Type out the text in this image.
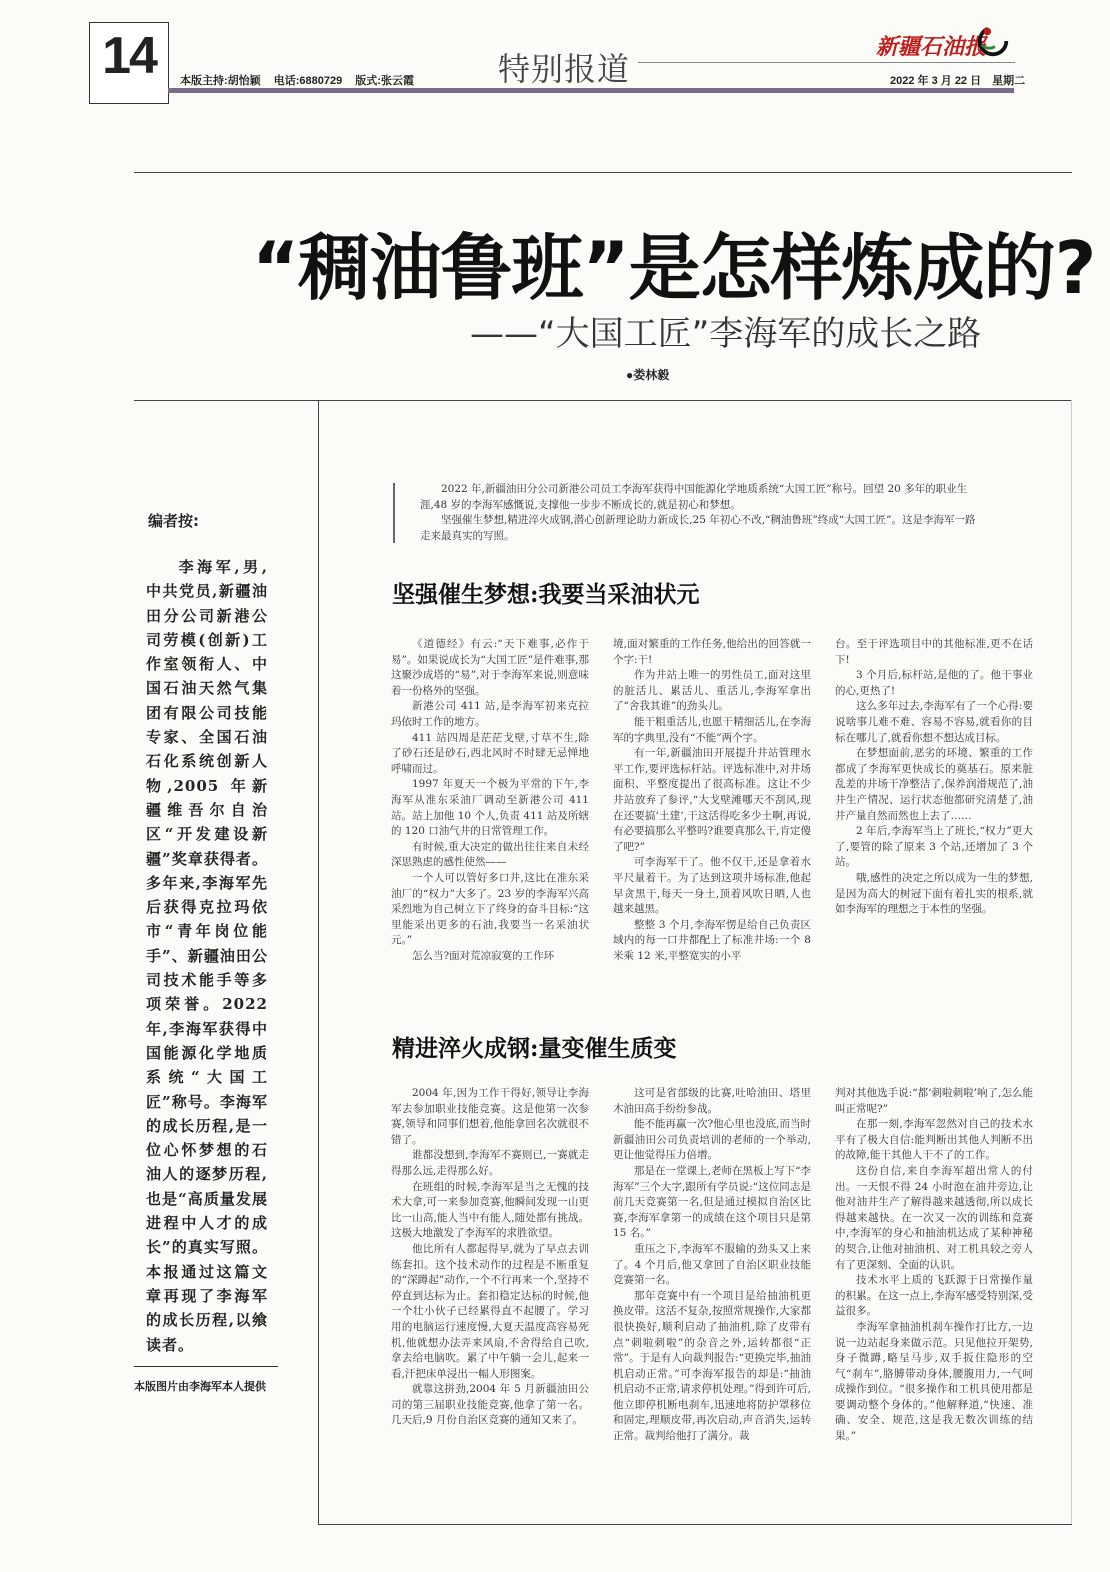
14	本版主持:胡怡颖 电话:6880729 版式:张云霞	特别报道
新疆石油报
2022 年 3 月 22 日　星期二
“稠油鲁班”是怎样炼成的?
——“大国工匠”李海军的成长之路
●娄林毅
编者按:
李海军,男,中共党员,新疆油田分公司新港公司劳模(创新)工作室领衔人、中国石油天然气集团有限公司技能专家、全国石油石化系统创新人物,2005 年新疆维吾尔自治区“开发建设新疆”奖章获得者。多年来,李海军先后获得克拉玛依市“青年岗位能手”、新疆油田公司技术能手等多项荣誉。2022 年,李海军获得中国能源化学地质系统“大国工匠”称号。李海军的成长历程,是一位心怀梦想的石油人的逐梦历程,也是“高质量发展进程中人才的成长”的真实写照。本报通过这篇文章再现了李海军的成长历程,以飨读者。
本版图片由李海军本人提供

2022 年,新疆油田分公司新港公司员工李海军获得中国能源化学地质系统“大国工匠”称号。回望 20 多年的职业生涯,48 岁的李海军感慨说,支撑他一步步不断成长的,就是初心和梦想。

坚强催生梦想,精进淬火成钢,潜心创新理论助力新成长,25 年初心不改,“稠油鲁班”终成“大国工匠”。这是李海军一路走来最真实的写照。

坚强催生梦想:我要当采油状元

《道德经》有云:“天下难事,必作于易”。如果说成长为“大国工匠”是件难事,那这聚沙成塔的“易”,对于李海军来说,则意味着一份格外的坚强。

新港公司 411 站,是李海军初来克拉玛依时工作的地方。

411 站四周是茫茫戈壁,寸草不生,除了砂石还是砂石,西北风时不时肆无忌惮地呼啸而过。

1997 年夏天一个极为平常的下午,李海军从准东采油厂调动至新港公司 411 站。站上加他 10 个人,负责 411 站及所辖的 120 口油气井的日常管理工作。

有时候,重大决定的做出往往来自未经深思熟虑的感性使然——

一个人可以管好多口井,这比在准东采油厂的“权力”大多了。23 岁的李海军兴高采烈地为自己树立下了终身的奋斗目标:“这里能采出更多的石油,我要当一名采油状元。”

怎么当?面对荒凉寂寞的工作环

境,面对繁重的工作任务,他给出的回答就一个字:干!

作为井站上唯一的男性员工,面对这里的脏活儿、累活儿、重活儿,李海军拿出了“舍我其谁”的劲头儿。

能干粗重活儿,也愿干精细活儿,在李海军的字典里,没有“不能”两个字。

有一年,新疆油田开展提升井站管理水平工作,要评选标杆站。评选标准中,对井场面积、平整度提出了很高标准。这让不少井站放弃了参评,“大戈壁滩哪天不刮风,现在还要搞‘土建’,干这活得吃多少土啊,再说,有必要搞那么平整吗?谁要真那么干,肯定傻了吧?”

可李海军干了。他不仅干,还是拿着水平尺量着干。为了达到这项井场标准,他起早贪黑干,每天一身土,顶着风吹日晒,人也越来越黑。

整整 3 个月,李海军愣是给自己负责区域内的每一口井都配上了标准井场:一个 8 米乘 12 米,平整宽实的小平

台。至于评选项目中的其他标准,更不在话下!

3 个月后,标杆站,是他的了。他干事业的心,更热了!

这么多年过去,李海军有了一个心得:要说啥事儿难不难、容易不容易,就看你的目标在哪儿了,就看你想不想达成目标。

在梦想面前,恶劣的环境、繁重的工作都成了李海军更快成长的奠基石。原来脏乱差的井场干净整洁了,保养润滑规范了,油井生产情况、运行状态他都研究清楚了,油井产量自然而然也上去了……

2 年后,李海军当上了班长,“权力”更大了,要管的除了原来 3 个站,还增加了 3 个站。

哦,感性的决定之所以成为一生的梦想,是因为高大的树冠下面有着扎实的根系,就如李海军的理想之于本性的坚强。

精进淬火成钢:量变催生质变

2004 年,因为工作干得好,领导让李海军去参加职业技能竞赛。这是他第一次参赛,领导和同事们想着,他能拿回名次就很不错了。

谁都没想到,李海军不赛则已,一赛就走得那么远,走得那么好。

在班组的时候,李海军是当之无愧的技术大拿,可一来参加竞赛,他瞬间发现一山更比一山高,能人当中有能人,随处都有挑战。这极大地激发了李海军的求胜欲望。

他比所有人都起得早,就为了早点去训练套扣。这个技术动作的过程是不断重复的“深蹲起”动作,一个不行再来一个,坚持不停直到达标为止。套扣稳定达标的时候,他一个壮小伙子已经累得直不起腰了。学习用的电脑运行速度慢,大夏天温度高容易死机,他就想办法弄来风扇,不舍得给自己吹,拿去给电脑吹。累了中午躺一会儿,起来一看,汗把床单浸出一幅人形图案。

就靠这拼劲,2004 年 5 月新疆油田公司的第三届职业技能竞赛,他拿了第一名。几天后,9 月份自治区竞赛的通知又来了。

这可是省部级的比赛,吐哈油田、塔里木油田高手纷纷参战。

能不能再赢一次?他心里也没底,而当时新疆油田公司负责培训的老师的一个举动,更让他觉得压力倍增。

那是在一堂课上,老师在黑板上写下“李海军”三个大字,跟所有学员说:“这位同志是前几天竞赛第一名,但是通过模拟自治区比赛,李海军拿第一的成绩在这个项目只是第 15 名。”

重压之下,李海军不服输的劲头又上来了。4 个月后,他又拿回了自治区职业技能竞赛第一名。

那年竞赛中有一个项目是给抽油机更换皮带。这活不复杂,按照常规操作,大家都很快换好,顺利启动了抽油机,除了皮带有点“刺啦刺啦”的杂音之外,运转都很“正常”。于是有人向裁判报告:“更换完毕,抽油机启动正常。”可李海军报告的却是:“抽油机启动不正常,请求停机处理。”得到许可后,他立即停机断电刹车,迅速地将防护罩移位和固定,理顺皮带,再次启动,声音消失,运转正常。裁判给他打了满分。裁

判对其他选手说:“都‘刺啦刺啦’响了,怎么能叫正常呢?”

在那一刻,李海军忽然对自己的技术水平有了极大自信:能判断出其他人判断不出的故障,能干其他人干不了的工作。

这份自信,来自李海军超出常人的付出。一天恨不得 24 小时泡在油井旁边,让他对油井生产了解得越来越透彻,所以成长得越来越快。在一次又一次的训练和竞赛中,李海军的身心和抽油机达成了某种神秘的契合,让他对抽油机、对工机具较之旁人有了更深刻、全面的认识。

技术水平上质的飞跃源于日常操作量的积累。在这一点上,李海军感受特别深,受益很多。

李海军拿抽油机刹车操作打比方,一边说一边站起身来做示范。只见他拉开架势,身子微蹲,略呈马步,双手扳住隐形的空气“刹车”,胳膊带动身体,腰腹用力,一气呵成操作到位。“很多操作和工机具使用都是要调动整个身体的。”他解释道,“快速、准确、安全、规范,这是我无数次训练的结果。”
